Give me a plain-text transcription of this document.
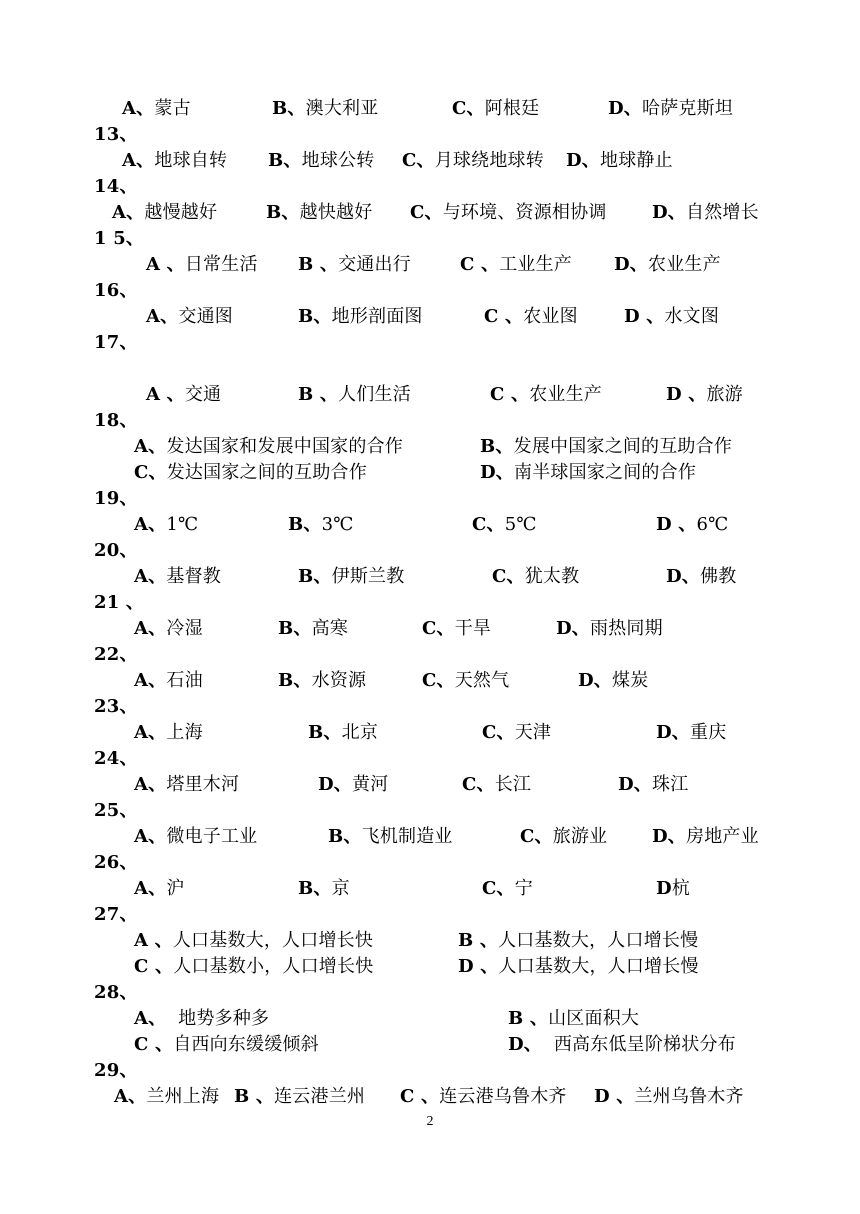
A、蒙古	B、澳大利亚	C、阿根廷	D、哈萨克斯坦
13、
A、地球自转 B、地球公转 C、月球绕地球转 D、地球静止
14、
A、越慢越好	B、越快越好 C、与环境、资源相协调	D、自然增长
1 5、
A 、日常生活 B 、交通出行	C 、工业生产 D、农业生产
16、
A、交通图	B、地形剖面图	C 、农业图	D 、水文图
17、
A 、交通	B 、人们生活	C 、农业生产	D 、旅游
18、
A、发达国家和发展中国家的合作	B、发展中国家之间的互助合作
C、发达国家之间的互助合作	D、南半球国家之间的合作
19、
A、1℃	B、3℃	C、5℃	D 、6℃
20、
A、基督教	B、伊斯兰教	C、犹太教	D、佛教
21 、
A、冷湿	B、高寒	C、干旱	D、雨热同期
22、
A、石油	B、水资源	C、天然气	D、煤炭
23、
A、上海	B、北京	C、天津	D、重庆
24、
A、塔里木河	D、黄河	C、长江	D、珠江
25、
A、微电子工业	B、飞机制造业	C、旅游业 D、房地产业
26、
A、沪	B、京	C、宁	D杭
27、
A 、人口基数大，人口增长快	B 、人口基数大，人口增长慢
C 、人口基数小，人口增长快	D 、人口基数大，人口增长慢
28、
A、  地势多种多	B 、山区面积大
C 、自西向东缓缓倾斜	D、  西高东低呈阶梯状分布
29、
A、兰州上海 B 、连云港兰州 C 、连云港乌鲁木齐 D 、兰州乌鲁木齐
2
